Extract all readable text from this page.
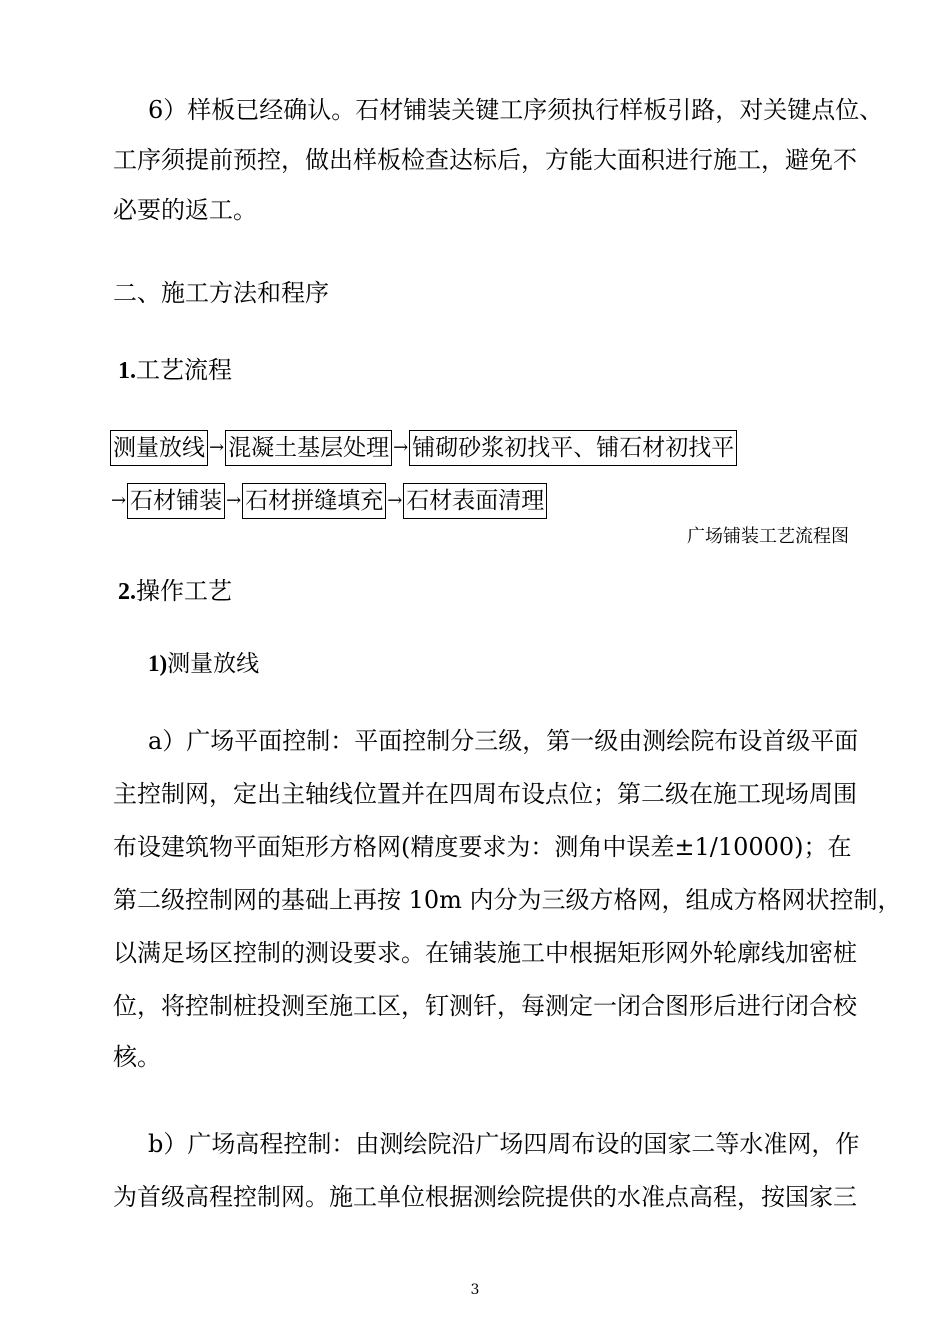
6）样板已经确认。石材铺装关键工序须执行样板引路，对关键点位、
工序须提前预控，做出样板检查达标后，方能大面积进行施工，避免不
必要的返工。
二、施工方法和程序
1.工艺流程
测量放线 → 混凝土基层处理 → 铺砌砂浆初找平、铺石材初找平
→ 石材铺装 → 石材拼缝填充 → 石材表面清理
广场铺装工艺流程图
2.操作工艺
1)测量放线
a）广场平面控制：平面控制分三级，第一级由测绘院布设首级平面
主控制网，定出主轴线位置并在四周布设点位；第二级在施工现场周围
布设建筑物平面矩形方格网(精度要求为：测角中误差±1/10000)；在
第二级控制网的基础上再按 10m 内分为三级方格网，组成方格网状控制，
以满足场区控制的测设要求。在铺装施工中根据矩形网外轮廓线加密桩
位，将控制桩投测至施工区，钉测钎，每测定一闭合图形后进行闭合校
核。
b）广场高程控制：由测绘院沿广场四周布设的国家二等水准网，作
为首级高程控制网。施工单位根据测绘院提供的水准点高程，按国家三
3
